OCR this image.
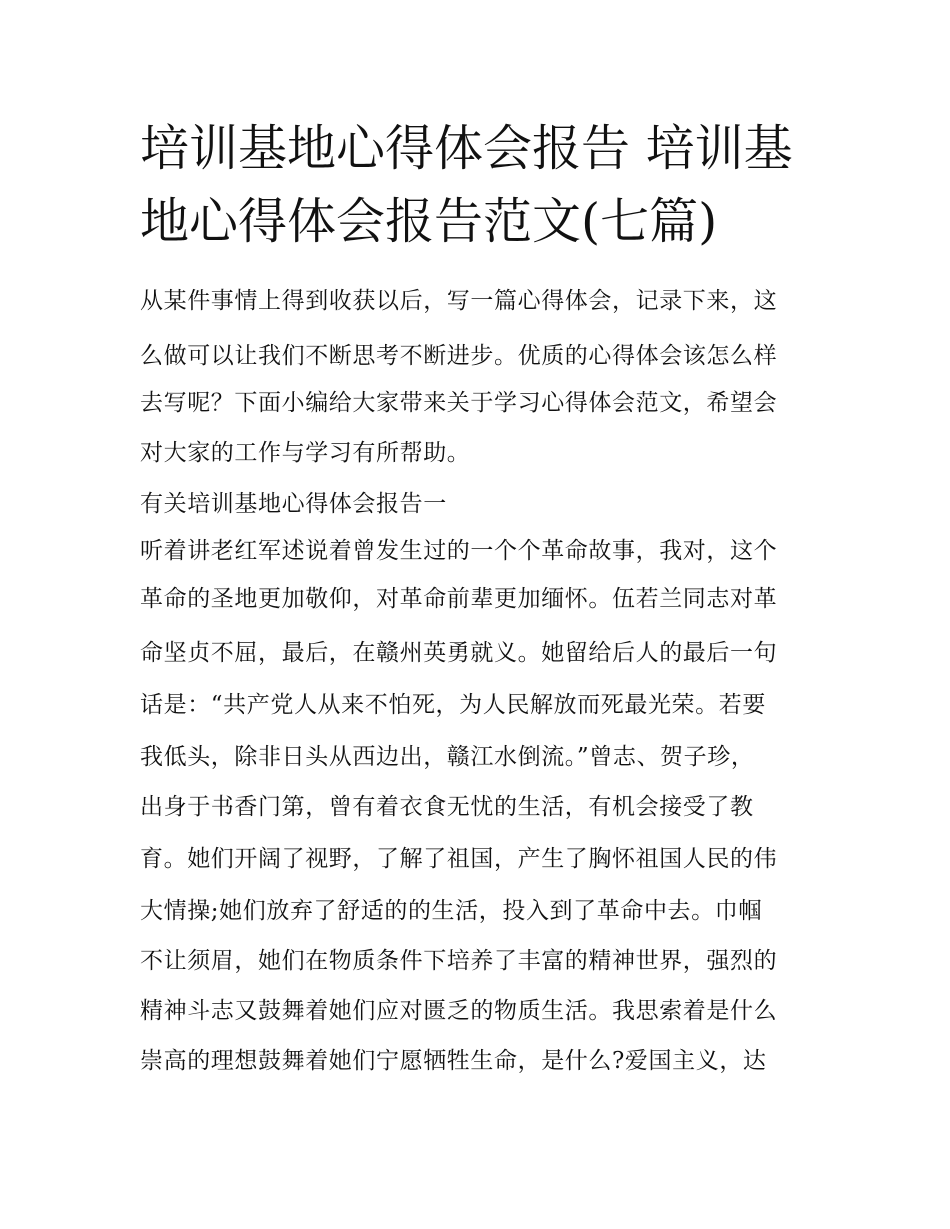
培训基地心得体会报告 培训基
地心得体会报告范文(七篇)
从某件事情上得到收获以后，写一篇心得体会，记录下来，这
么做可以让我们不断思考不断进步。优质的心得体会该怎么样
去写呢？下面小编给大家带来关于学习心得体会范文，希望会
对大家的工作与学习有所帮助。
有关培训基地心得体会报告一
听着讲老红军述说着曾发生过的一个个革命故事，我对，这个
革命的圣地更加敬仰，对革命前辈更加缅怀。伍若兰同志对革
命坚贞不屈，最后，在赣州英勇就义。她留给后人的最后一句
话是：“共产党人从来不怕死，为人民解放而死最光荣。若要
我低头，除非日头从西边出，赣江水倒流。”曾志、贺子珍，
出身于书香门第，曾有着衣食无忧的生活，有机会接受了教
育。她们开阔了视野，了解了祖国，产生了胸怀祖国人民的伟
大情操;她们放弃了舒适的的生活，投入到了革命中去。巾帼
不让须眉，她们在物质条件下培养了丰富的精神世界，强烈的
精神斗志又鼓舞着她们应对匮乏的物质生活。我思索着是什么
崇高的理想鼓舞着她们宁愿牺牲生命，是什么?爱国主义，达
